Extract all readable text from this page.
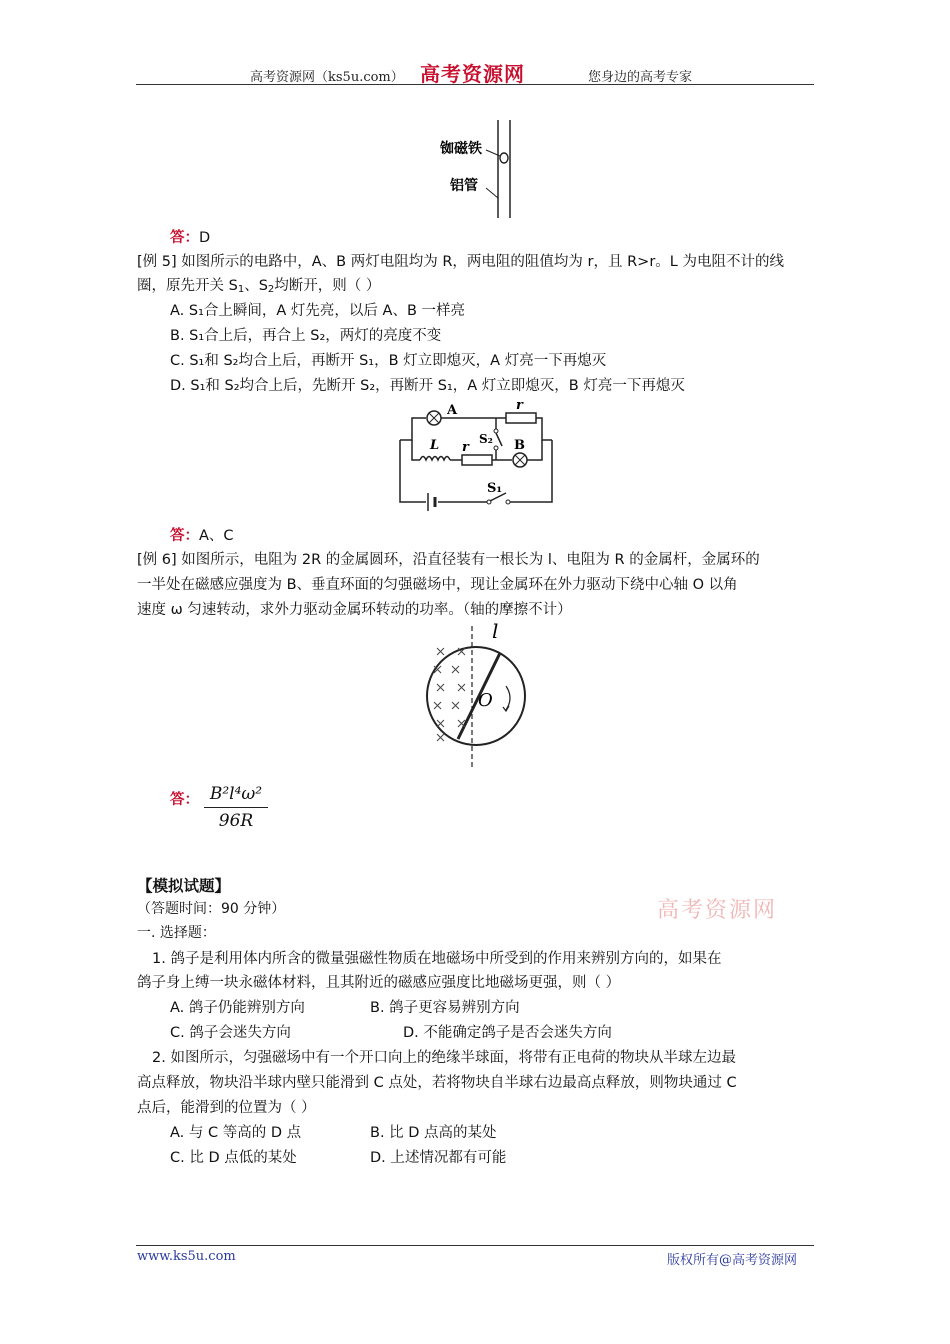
高考资源网（ks5u.com） 高考资源网	您身边的高考专家
铷磁铁
铝管
答：D
[例 5] 如图所示的电路中，A、B 两灯电阻均为 R，两电阻的阻值均为 r，且 R>r。L 为电阻不计的线
圈，原先开关 $S_1$、$S_2$均断开，则（ ）
A. S₁合上瞬间，A 灯先亮，以后 A、B 一样亮
B. S₁合上后，再合上 S₂，两灯的亮度不变
C. S₁和 S₂均合上后，再断开 S₁，B 灯立即熄灭，A 灯亮一下再熄灭
D. S₁和 S₂均合上后，先断开 S₂，再断开 S₁，A 灯立即熄灭，B 灯亮一下再熄灭
S₁
A	r
L r	B
S₂
答：A、C
[例 6] 如图所示，电阻为 2R 的金属圆环，沿直径装有一根长为 l、电阻为 R 的金属杆，金属环的
一半处在磁感应强度为 B、垂直环面的匀强磁场中，现让金属环在外力驱动下绕中心轴 O 以角
速度 ω 匀速转动，求外力驱动金属环转动的功率。（轴的摩擦不计）
l
O
答： $\frac{\text{B²l⁴ω²}}{96R}$
【模拟试题】
高考资源网
（答题时间：90 分钟）
一. 选择题：
1. 鸽子是利用体内所含的微量强磁性物质在地磁场中所受到的作用来辨别方向的，如果在
鸽子身上缚一块永磁体材料，且其附近的磁感应强度比地磁场更强，则（ ）
A. 鸽子仍能辨别方向	B. 鸽子更容易辨别方向
C. 鸽子会迷失方向	D. 不能确定鸽子是否会迷失方向
2. 如图所示，匀强磁场中有一个开口向上的绝缘半球面，将带有正电荷的物块从半球左边最
高点释放，物块沿半球内壁只能滑到 C 点处，若将物块自半球右边最高点释放，则物块通过 C
点后，能滑到的位置为（ ）
A. 与 C 等高的 D 点	B. 比 D 点高的某处
C. 比 D 点低的某处	D. 上述情况都有可能
www.ks5u.com	版权所有@高考资源网
